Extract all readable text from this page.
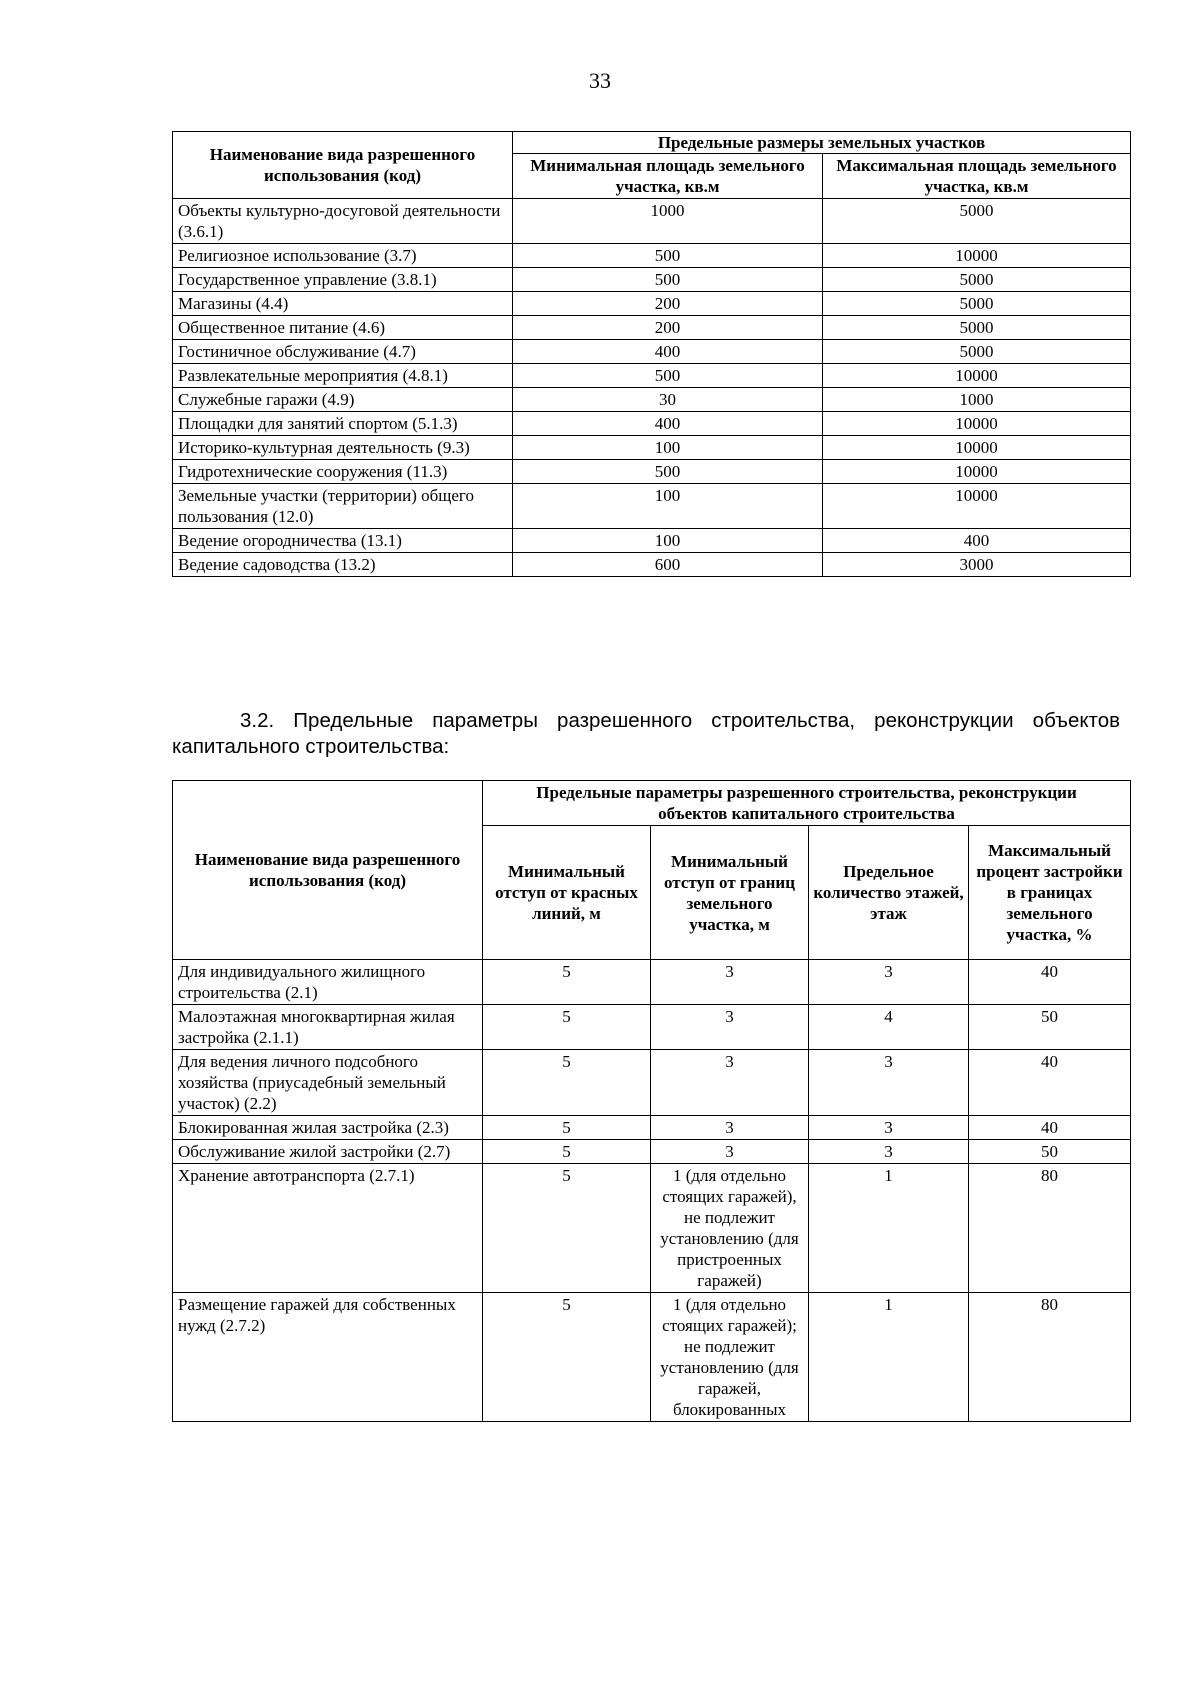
33
Наименование вида разрешенного использования (код)	Предельные размеры земельных участков	
	Минимальная площадь земельного участка, кв.м	Максимальная площадь земельного участка, кв.м
Объекты культурно-досуговой деятельности (3.6.1)	1000	5000
Религиозное использование (3.7)	500	10000
Государственное управление (3.8.1)	500	5000
Магазины (4.4)	200	5000
Общественное питание (4.6)	200	5000
Гостиничное обслуживание (4.7)	400	5000
Развлекательные мероприятия (4.8.1)	500	10000
Служебные гаражи (4.9)	30	1000
Площадки для занятий спортом (5.1.3)	400	10000
Историко-культурная деятельность (9.3)	100	10000
Гидротехнические сооружения (11.3)	500	10000
Земельные участки (территории) общего пользования (12.0)	100	10000
Ведение огородничества (13.1)	100	400
Ведение садоводства (13.2)	600	3000
3.2. Предельные параметры разрешенного строительства, реконструкции объектов капитального строительства:
Наименование вида разрешенного использования (код)	Предельные параметры разрешенного строительства, реконструкции объектов капитального строительства			
	Минимальный отступ от красных линий, м	Минимальный отступ от границ земельного участка, м	Предельное количество этажей, этаж	Максимальный процент застройки в границах земельного участка, %
Для индивидуального жилищного строительства (2.1)	5	3	3	40
Малоэтажная многоквартирная жилая застройка (2.1.1)	5	3	4	50
Для ведения личного подсобного хозяйства (приусадебный земельный участок) (2.2)	5	3	3	40
Блокированная жилая застройка (2.3)	5	3	3	40
Обслуживание жилой застройки (2.7)	5	3	3	50
Хранение автотранспорта (2.7.1)	5	1 (для отдельно стоящих гаражей), не подлежит установлению (для пристроенных гаражей)	1	80
Размещение гаражей для собственных нужд (2.7.2)	5	1 (для отдельно стоящих гаражей); не подлежит установлению (для гаражей, блокированных	1	80
